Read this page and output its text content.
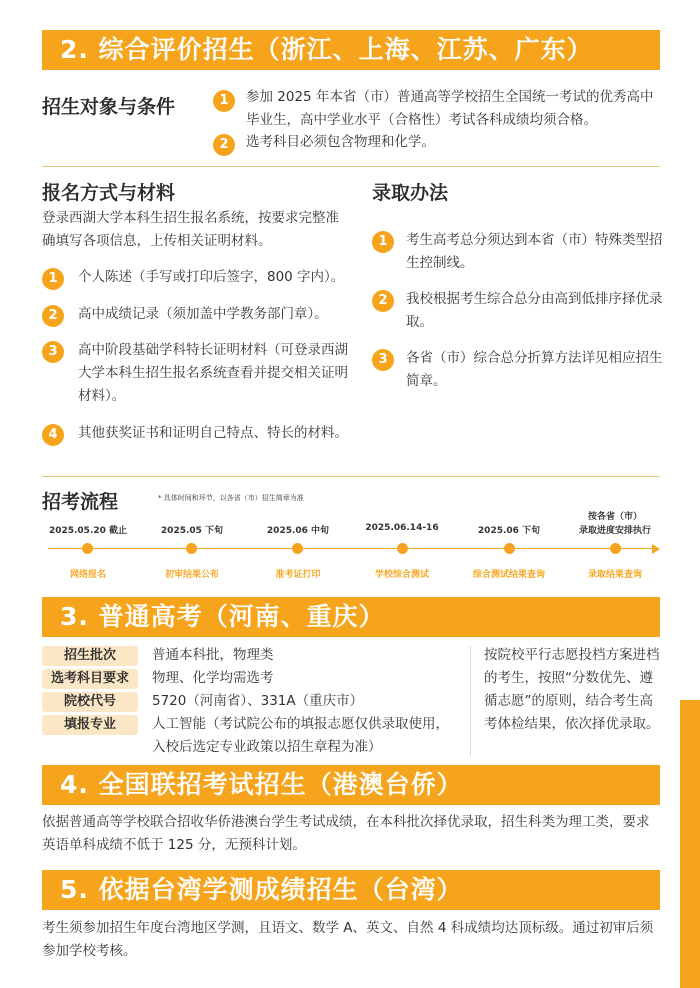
2. 综合评价招生（浙江、上海、江苏、广东）
招生对象与条件	1	参加 2025 年本省（市）普通高等学校招生全国统一考试的优秀高中毕业生，高中学业水平（合格性）考试各科成绩均须合格。
2	选考科目必须包含物理和化学。
报名方式与材料
登录西湖大学本科生招生报名系统，按要求完整准确填写各项信息，上传相关证明材料。
1	个人陈述（手写或打印后签字，800 字内）。
2	高中成绩记录（须加盖中学教务部门章）。
3	高中阶段基础学科特长证明材料（可登录西湖大学本科生招生报名系统查看并提交相关证明材料）。
4	其他获奖证书和证明自己特点、特长的材料。
录取办法
1	考生高考总分须达到本省（市）特殊类型招生控制线。
2	我校根据考生综合总分由高到低排序择优录取。
3	各省（市）综合总分折算方法详见相应招生简章。
招考流程	* 具体时间和环节，以各省（市）招生简章为准
2025.05.20 截止
网络报名
2025.05 下旬
初审结果公布
2025.06 中旬
准考证打印
2025.06.14-16
学校综合测试
2025.06 下旬
综合测试结果查询
按各省（市）
录取进度安排执行
录取结果查询
3. 普通高考（河南、重庆）
招生批次	普通本科批，物理类
选考科目要求	物理、化学均需选考
院校代号	5720（河南省）、331A（重庆市）
填报专业	人工智能（考试院公布的填报志愿仅供录取使用，入校后选定专业政策以招生章程为准）
按院校平行志愿投档方案进档的考生，按照“分数优先、遵循志愿”的原则，结合考生高考体检结果，依次择优录取。
4. 全国联招考试招生（港澳台侨）
依据普通高等学校联合招收华侨港澳台学生考试成绩，在本科批次择优录取，招生科类为理工类，要求英语单科成绩不低于 125 分，无预科计划。
5. 依据台湾学测成绩招生（台湾）
考生须参加招生年度台湾地区学测，且语文、数学 A、英文、自然 4 科成绩均达顶标级。通过初审后须参加学校考核。
